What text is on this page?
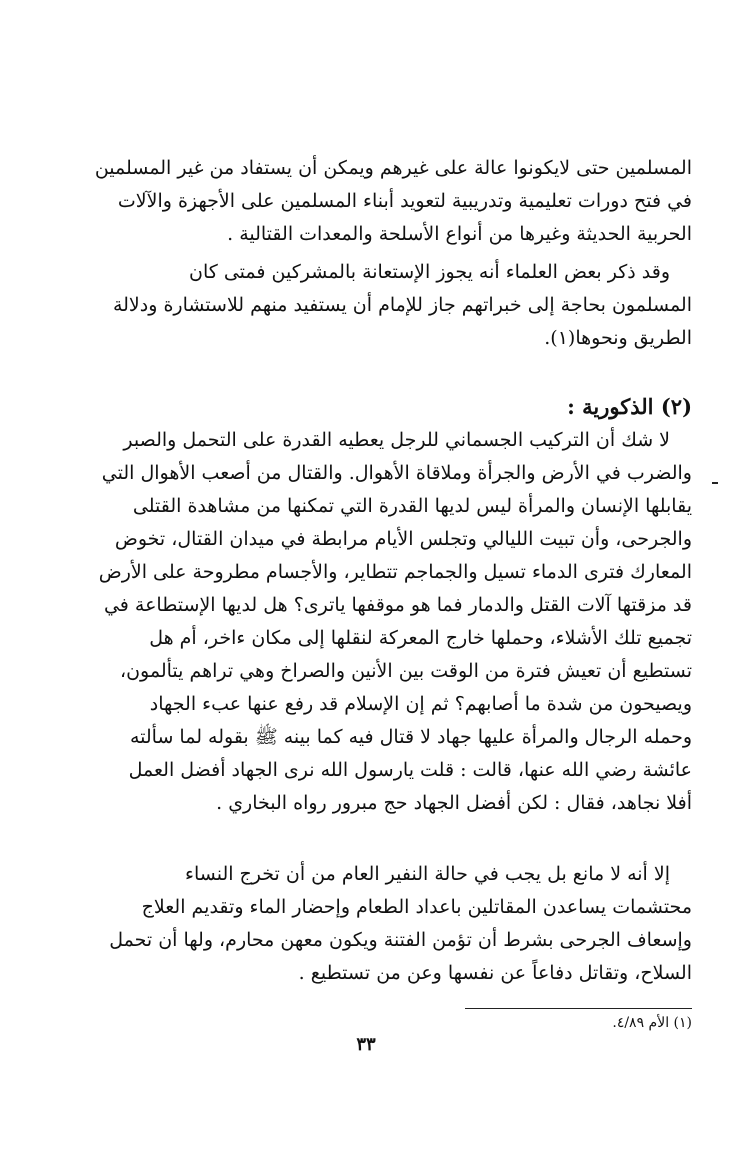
المسلمين حتى لايكونوا عالة على غيرهم ويمكن أن يستفاد من غير المسلمين
في فتح دورات تعليمية وتدريبية لتعويد أبناء المسلمين على الأجهزة والآلات
الحربية الحديثة وغيرها من أنواع الأسلحة والمعدات القتالية .
وقد ذكر بعض العلماء أنه يجوز الإستعانة بالمشركين فمتى كان
المسلمون بحاجة إلى خبراتهم جاز للإمام أن يستفيد منهم للاستشارة ودلالة
الطريق ونحوها(١).
(٢) الذكورية :
لا شك أن التركيب الجسماني للرجل يعطيه القدرة على التحمل والصبر
والضرب في الأرض والجرأة وملاقاة الأهوال. والقتال من أصعب الأهوال التي
يقابلها الإنسان والمرأة ليس لديها القدرة التي تمكنها من مشاهدة القتلى
والجرحى، وأن تبيت الليالي وتجلس الأيام مرابطة في ميدان القتال، تخوض
المعارك فترى الدماء تسيل والجماجم تتطاير، والأجسام مطروحة على الأرض
قد مزقتها آلات القتل والدمار فما هو موقفها ياترى؟ هل لديها الإستطاعة في
تجميع تلك الأشلاء، وحملها خارج المعركة لنقلها إلى مكان ءاخر، أم هل
تستطيع أن تعيش فترة من الوقت بين الأنين والصراخ وهي تراهم يتألمون،
ويصيحون من شدة ما أصابهم؟ ثم إن الإسلام قد رفع عنها عبء الجهاد
وحمله الرجال والمرأة عليها جهاد لا قتال فيه كما بينه ﷺ بقوله لما سألته
عائشة رضي الله عنها، قالت : قلت يارسول الله نرى الجهاد أفضل العمل
أفلا نجاهد، فقال : لكن أفضل الجهاد حج مبرور رواه البخاري .
إلا أنه لا مانع بل يجب في حالة النفير العام من أن تخرج النساء
محتشمات يساعدن المقاتلين باعداد الطعام وإحضار الماء وتقديم العلاج
وإسعاف الجرحى بشرط أن تؤمن الفتنة ويكون معهن محارم، ولها أن تحمل
السلاح، وتقاتل دفاعاً عن نفسها وعن من تستطيع .
(١) الأم ٤/٨٩.
٣٣
